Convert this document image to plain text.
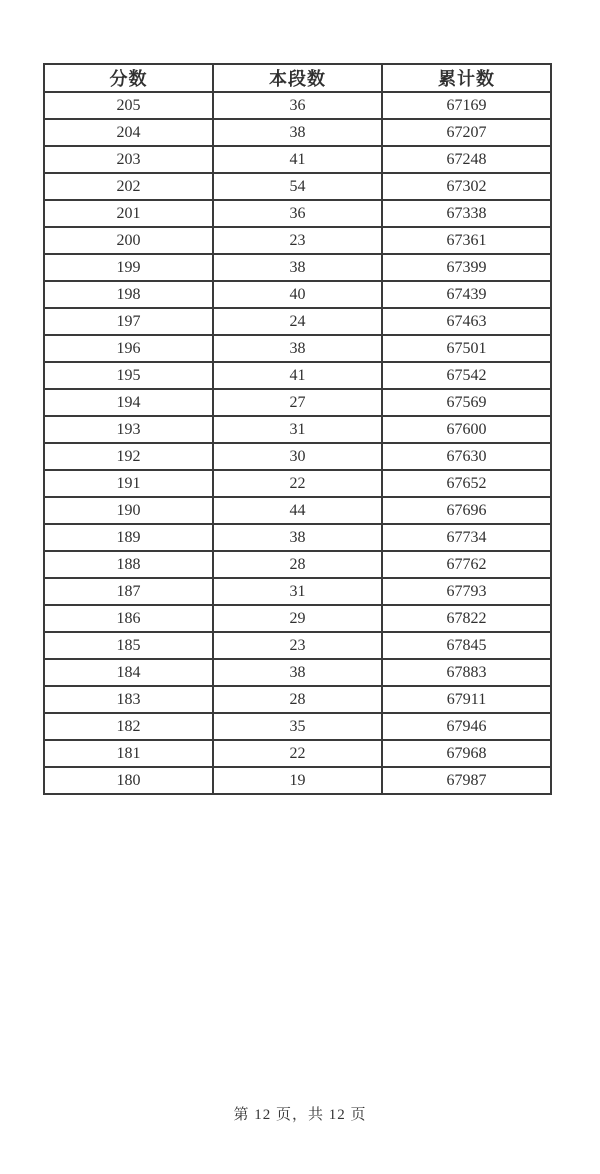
分数	本段数	累计数
205	36	67169
204	38	67207
203	41	67248
202	54	67302
201	36	67338
200	23	67361
199	38	67399
198	40	67439
197	24	67463
196	38	67501
195	41	67542
194	27	67569
193	31	67600
192	30	67630
191	22	67652
190	44	67696
189	38	67734
188	28	67762
187	31	67793
186	29	67822
185	23	67845
184	38	67883
183	28	67911
182	35	67946
181	22	67968
180	19	67987
第 12 页，共 12 页
